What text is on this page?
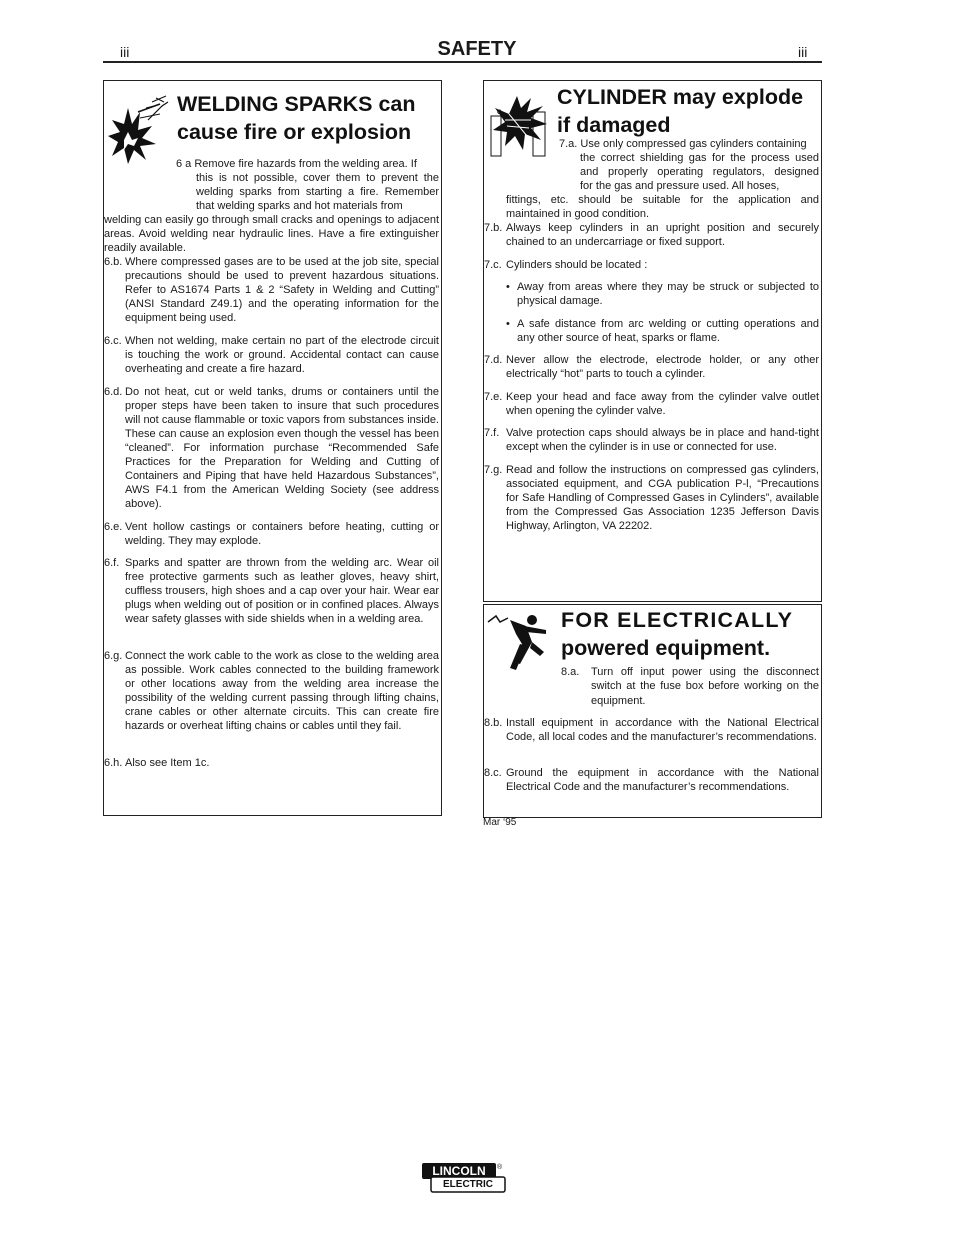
iii	SAFETY	iii
WELDING SPARKS can
cause fire or explosion
6 a Remove fire hazards from the welding area. If
this is not possible, cover them to prevent the
welding sparks from starting a fire. Remember
that welding sparks and hot materials from
welding can easily go through small cracks and openings to adjacent areas. Avoid welding near hydraulic lines. Have a fire extinguisher readily available.
6.b. Where compressed gases are to be used at the job site, special precautions should be used to prevent hazardous situations. Refer to AS1674 Parts 1 & 2 “Safety in Welding and Cutting” (ANSI Standard Z49.1) and the operating information for the equipment being used.
6.c. When not welding, make certain no part of the electrode circuit is touching the work or ground. Accidental contact can cause overheating and create a fire hazard.
6.d. Do not heat, cut or weld tanks, drums or containers until the proper steps have been taken to insure that such procedures will not cause flammable or toxic vapors from substances inside. These can cause an explosion even though the vessel has been “cleaned”. For information purchase “Recommended Safe Practices for the Preparation for Welding and Cutting of Containers and Piping that have held Hazardous Substances”, AWS F4.1 from the American Welding Society (see address above).
6.e. Vent hollow castings or containers before heating, cutting or welding. They may explode.
6.f. Sparks and spatter are thrown from the welding arc. Wear oil free protective garments such as leather gloves, heavy shirt, cuffless trousers, high shoes and a cap over your hair. Wear ear plugs when welding out of position or in confined places. Always wear safety glasses with side shields when in a welding area.
6.g. Connect the work cable to the work as close to the welding area as possible. Work cables connected to the building framework or other locations away from the welding area increase the possibility of the welding current passing through lifting chains, crane cables or other alternate circuits. This can create fire hazards or overheat lifting chains or cables until they fail.
6.h. Also see Item 1c.
O
CYLINDER may explode
if damaged
7.a. Use only compressed gas cylinders containing
the correct shielding gas for the process used
and properly operating regulators, designed
for the gas and pressure used. All hoses,
fittings, etc. should be suitable for the application and maintained in good condition.
7.b. Always keep cylinders in an upright position and securely chained to an undercarriage or fixed support.
7.c. Cylinders should be located :
• Away from areas where they may be struck or subjected to physical damage.
• A safe distance from arc welding or cutting operations and any other source of heat, sparks or flame.
7.d. Never allow the electrode, electrode holder, or any other electrically “hot” parts to touch a cylinder.
7.e. Keep your head and face away from the cylinder valve outlet when opening the cylinder valve.
7.f. Valve protection caps should always be in place and hand-tight except when the cylinder is in use or connected for use.
7.g. Read and follow the instructions on compressed gas cylinders, associated equipment, and CGA publication P-l, “Precautions for Safe Handling of Compressed Gases in Cylinders”, available from the Compressed Gas Association 1235 Jefferson Davis Highway, Arlington, VA 22202.
FOR ELECTRICALLY
powered equipment.
8.a. Turn off input power using the disconnect
switch at the fuse box before working on the
equipment.
8.b. Install equipment in accordance with the National Electrical Code, all local codes and the manufacturer’s recommendations.
8.c. Ground the equipment in accordance with the National Electrical Code and the manufacturer’s recommendations.
Mar ‘95
LINCOLN	®
ELECTRIC
